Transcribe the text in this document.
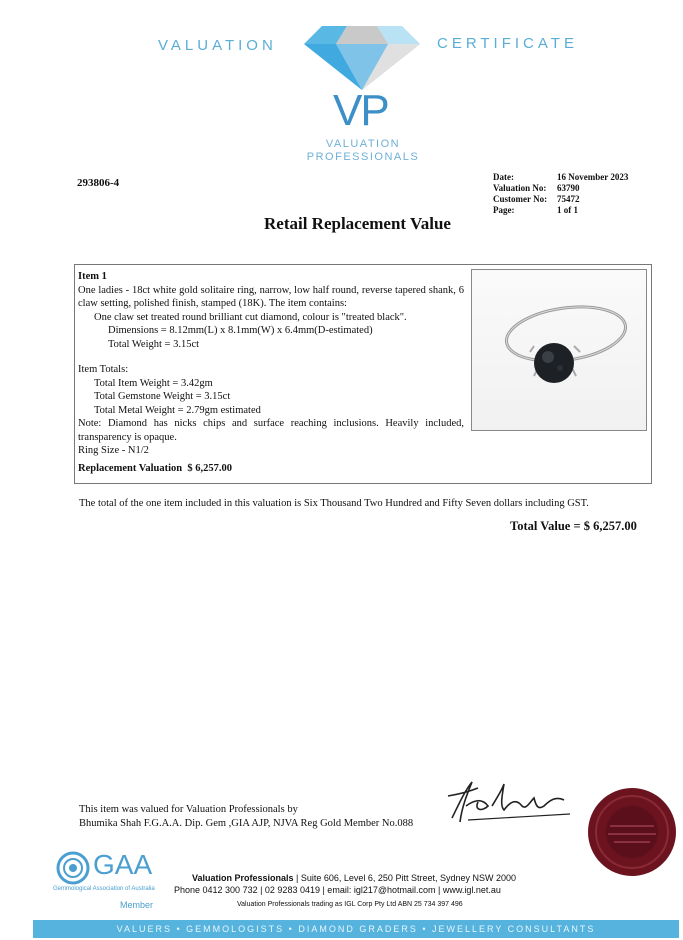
VALUATION	CERTIFICATE
VP
VALUATION
PROFESSIONALS
293806-4	Date:	16 November 2023
Valuation No:	63790
Customer No:	75472
Page:	1 of 1
Retail Replacement Value
Item 1
One ladies - 18ct white gold solitaire ring, narrow, low half round, reverse tapered shank, 6 claw setting, polished finish, stamped (18K). The item contains:
One claw set treated round brilliant cut diamond, colour is "treated black".
Dimensions = 8.12mm(L) x 8.1mm(W) x 6.4mm(D-estimated)
Total Weight = 3.15ct
Item Totals:
Total Item Weight = 3.42gm
Total Gemstone Weight = 3.15ct
Total Metal Weight = 2.79gm estimated
Note: Diamond has nicks chips and surface reaching inclusions. Heavily included, transparency is opaque.
Ring Size - N1/2
Replacement Valuation $ 6,257.00
The total of the one item included in this valuation is Six Thousand Two Hundred and Fifty Seven dollars including GST.
Total Value = $ 6,257.00
This item was valued for Valuation Professionals by
Bhumika Shah F.G.A.A. Dip. Gem ,GIA AJP, NJVA Reg Gold Member No.088
GAA
Gemmological Association of Australia
Member
Valuation Professionals | Suite 606, Level 6, 250 Pitt Street, Sydney NSW 2000
Phone 0412 300 732 | 02 9283 0419 | email: igl217@hotmail.com | www.igl.net.au
Valuation Professionals trading as IGL Corp Pty Ltd ABN 25 734 397 496
VALUERS • GEMMOLOGISTS • DIAMOND GRADERS • JEWELLERY CONSULTANTS
